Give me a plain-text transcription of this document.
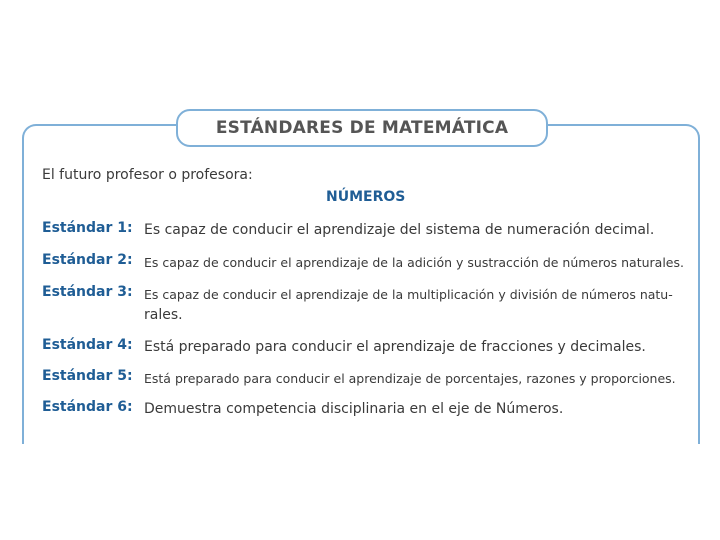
ESTÁNDARES DE MATEMÁTICA
El futuro profesor o profesora:
NÚMEROS
Estándar 1: Es capaz de conducir el aprendizaje del sistema de numeración decimal.
Estándar 2: Es capaz de conducir el aprendizaje de la adición y sustracción de números naturales.
Estándar 3: Es capaz de conducir el aprendizaje de la multiplicación y división de números natu-
rales.
Estándar 4: Está preparado para conducir el aprendizaje de fracciones y decimales.
Estándar 5: Está preparado para conducir el aprendizaje de porcentajes, razones y proporciones.
Estándar 6: Demuestra competencia disciplinaria en el eje de Números.
